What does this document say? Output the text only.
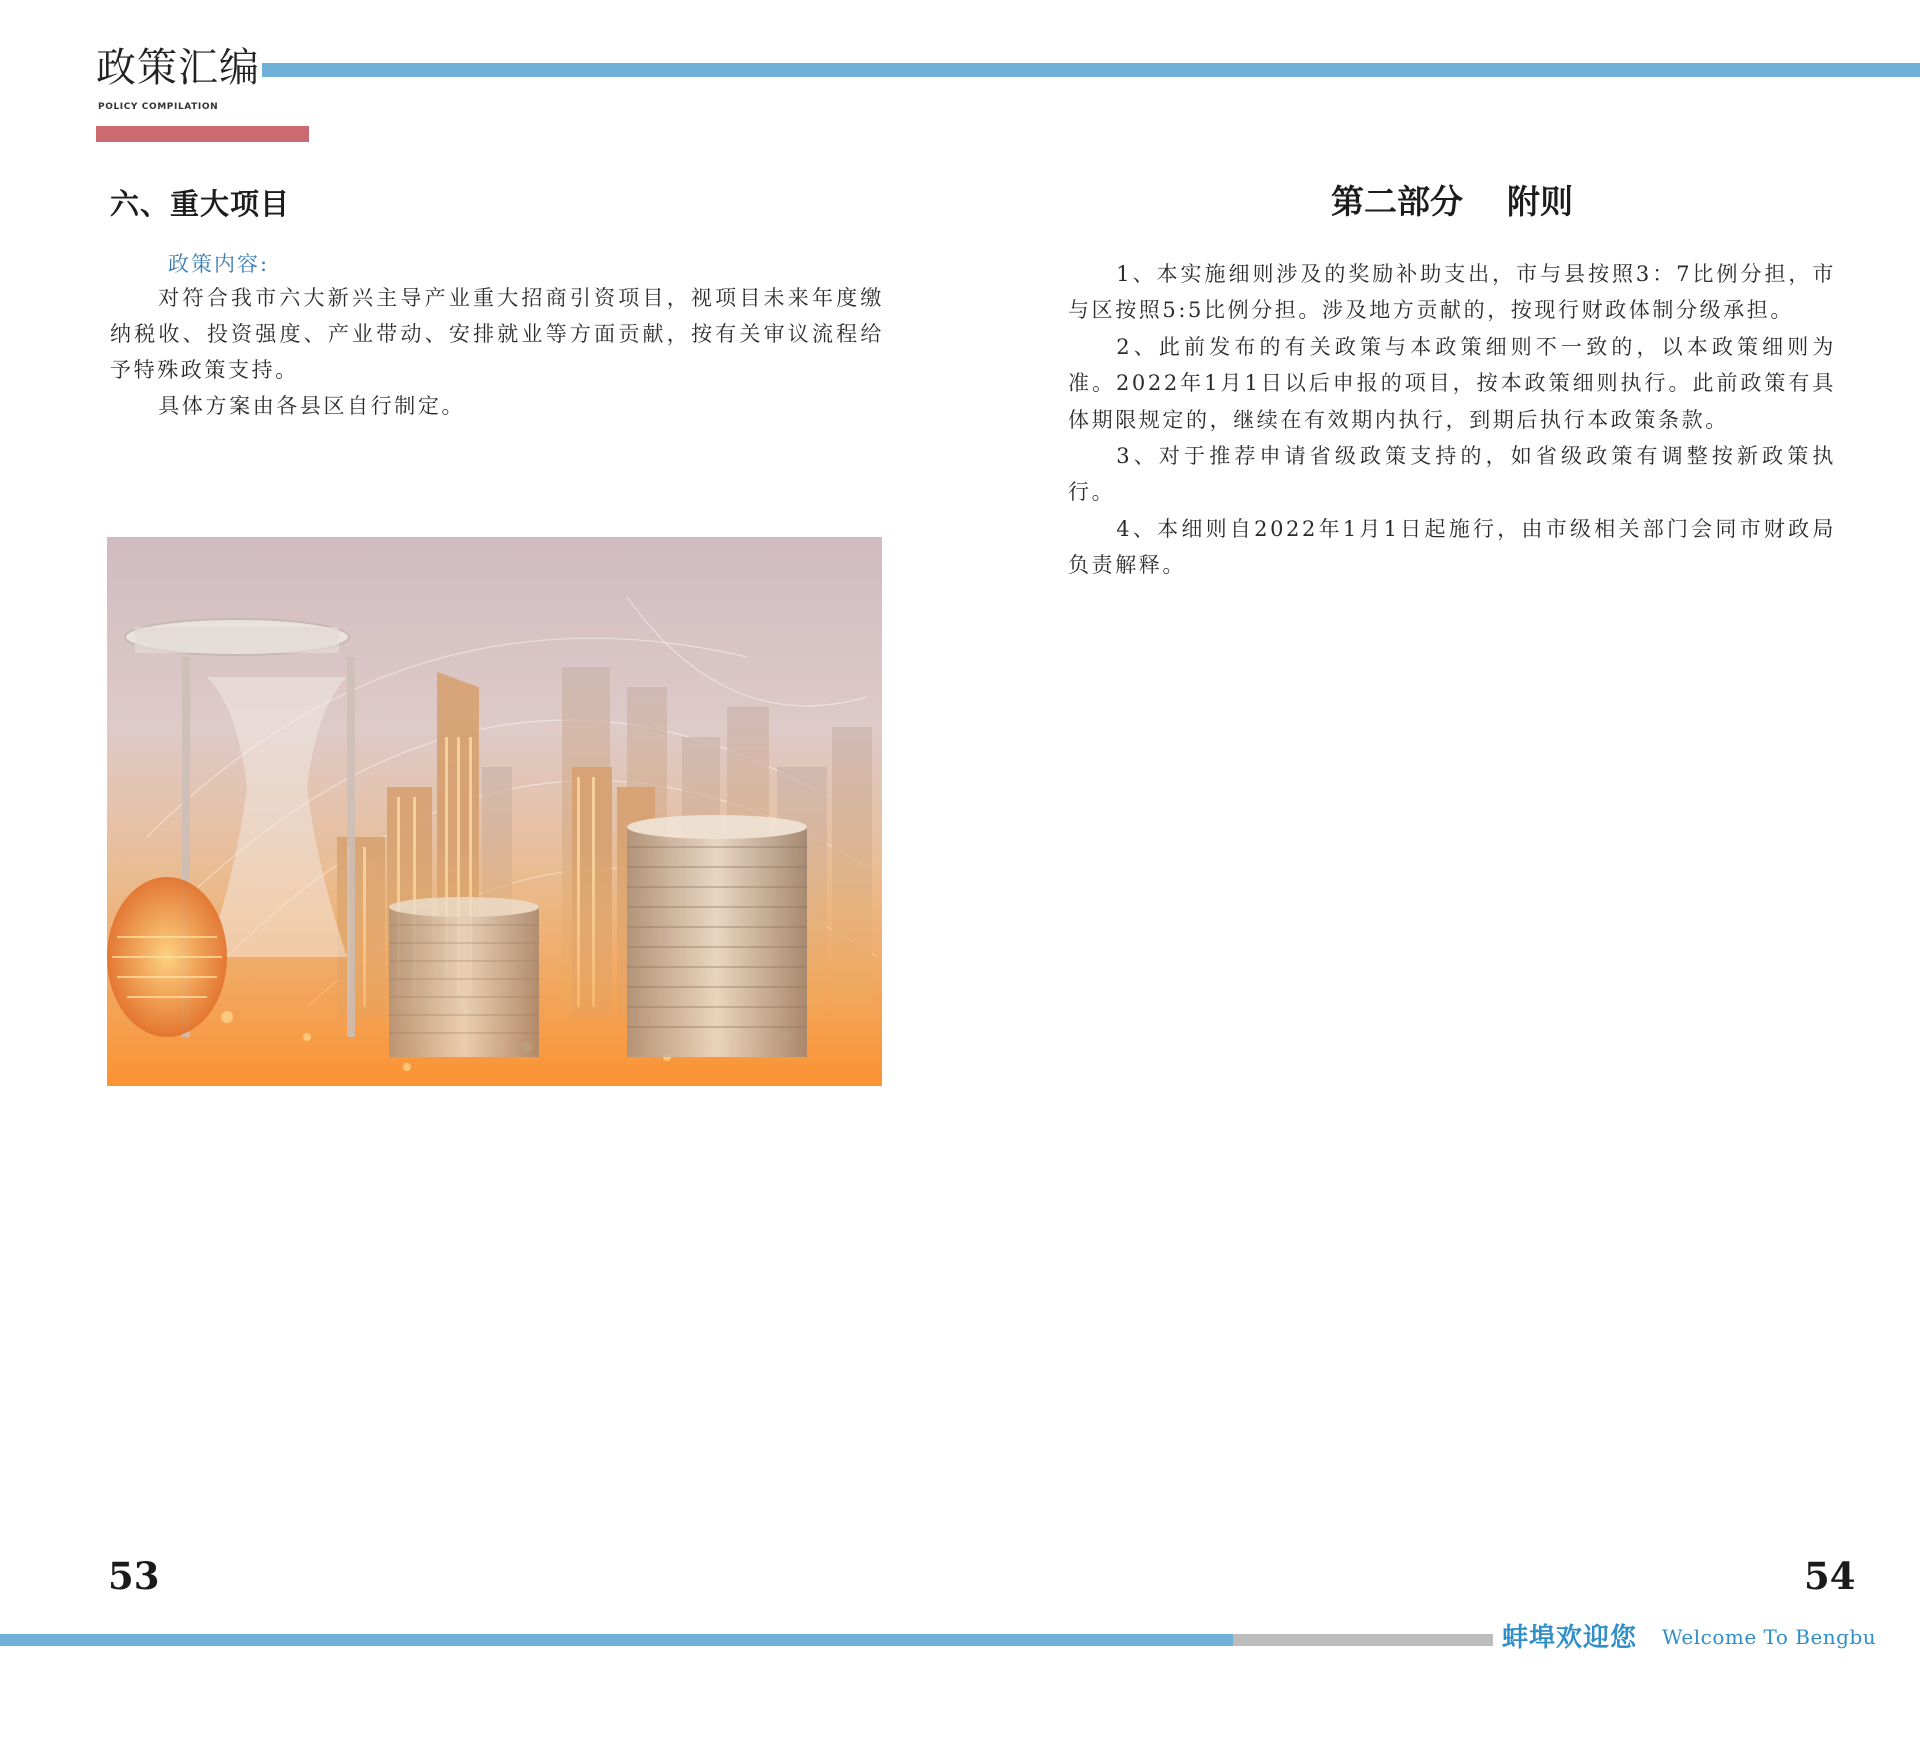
政策汇编
POLICY COMPILATION
六、重大项目
政策内容:

对符合我市六大新兴主导产业重大招商引资项目，视项目未来年度缴纳税收、投资强度、产业带动、安排就业等方面贡献，按有关审议流程给予特殊政策支持。

具体方案由各县区自行制定。

53
第二部分 附则

1、本实施细则涉及的奖励补助支出，市与县按照3：7比例分担，市与区按照5:5比例分担。涉及地方贡献的，按现行财政体制分级承担。

2、此前发布的有关政策与本政策细则不一致的，以本政策细则为准。2022年1月1日以后申报的项目，按本政策细则执行。此前政策有具体期限规定的，继续在有效期内执行，到期后执行本政策条款。

3、对于推荐申请省级政策支持的，如省级政策有调整按新政策执行。

4、本细则自2022年1月1日起施行，由市级相关部门会同市财政局负责解释。

54
蚌埠欢迎您 Welcome To Bengbu
